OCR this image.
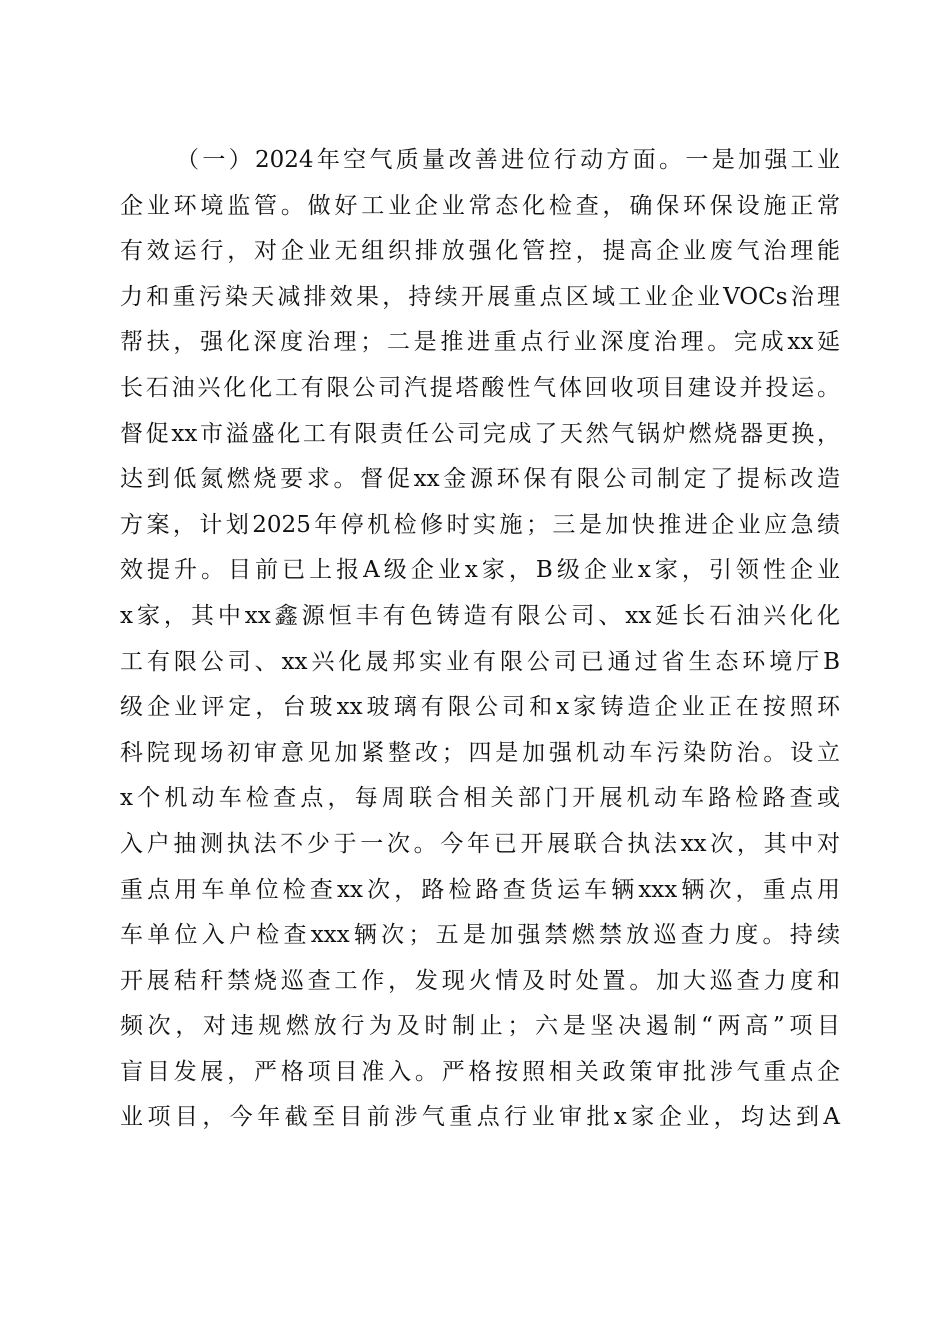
（一）2024年空气质量改善进位行动方面。一是加强工业
企业环境监管。做好工业企业常态化检查，确保环保设施正常
有效运行，对企业无组织排放强化管控，提高企业废气治理能
力和重污染天减排效果，持续开展重点区域工业企业VOCs治理
帮扶，强化深度治理；二是推进重点行业深度治理。完成xx延
长石油兴化化工有限公司汽提塔酸性气体回收项目建设并投运。
督促xx市溢盛化工有限责任公司完成了天然气锅炉燃烧器更换，
达到低氮燃烧要求。督促xx金源环保有限公司制定了提标改造
方案，计划2025年停机检修时实施；三是加快推进企业应急绩
效提升。目前已上报A级企业x家，B级企业x家，引领性企业
x家，其中xx鑫源恒丰有色铸造有限公司、xx延长石油兴化化
工有限公司、xx兴化晟邦实业有限公司已通过省生态环境厅B
级企业评定，台玻xx玻璃有限公司和x家铸造企业正在按照环
科院现场初审意见加紧整改；四是加强机动车污染防治。设立
x个机动车检查点，每周联合相关部门开展机动车路检路查或
入户抽测执法不少于一次。今年已开展联合执法xx次，其中对
重点用车单位检查xx次，路检路查货运车辆xxx辆次，重点用
车单位入户检查xxx辆次；五是加强禁燃禁放巡查力度。持续
开展秸秆禁烧巡查工作，发现火情及时处置。加大巡查力度和
频次，对违规燃放行为及时制止；六是坚决遏制“两高”项目
盲目发展，严格项目准入。严格按照相关政策审批涉气重点企
业项目，今年截至目前涉气重点行业审批x家企业，均达到A
